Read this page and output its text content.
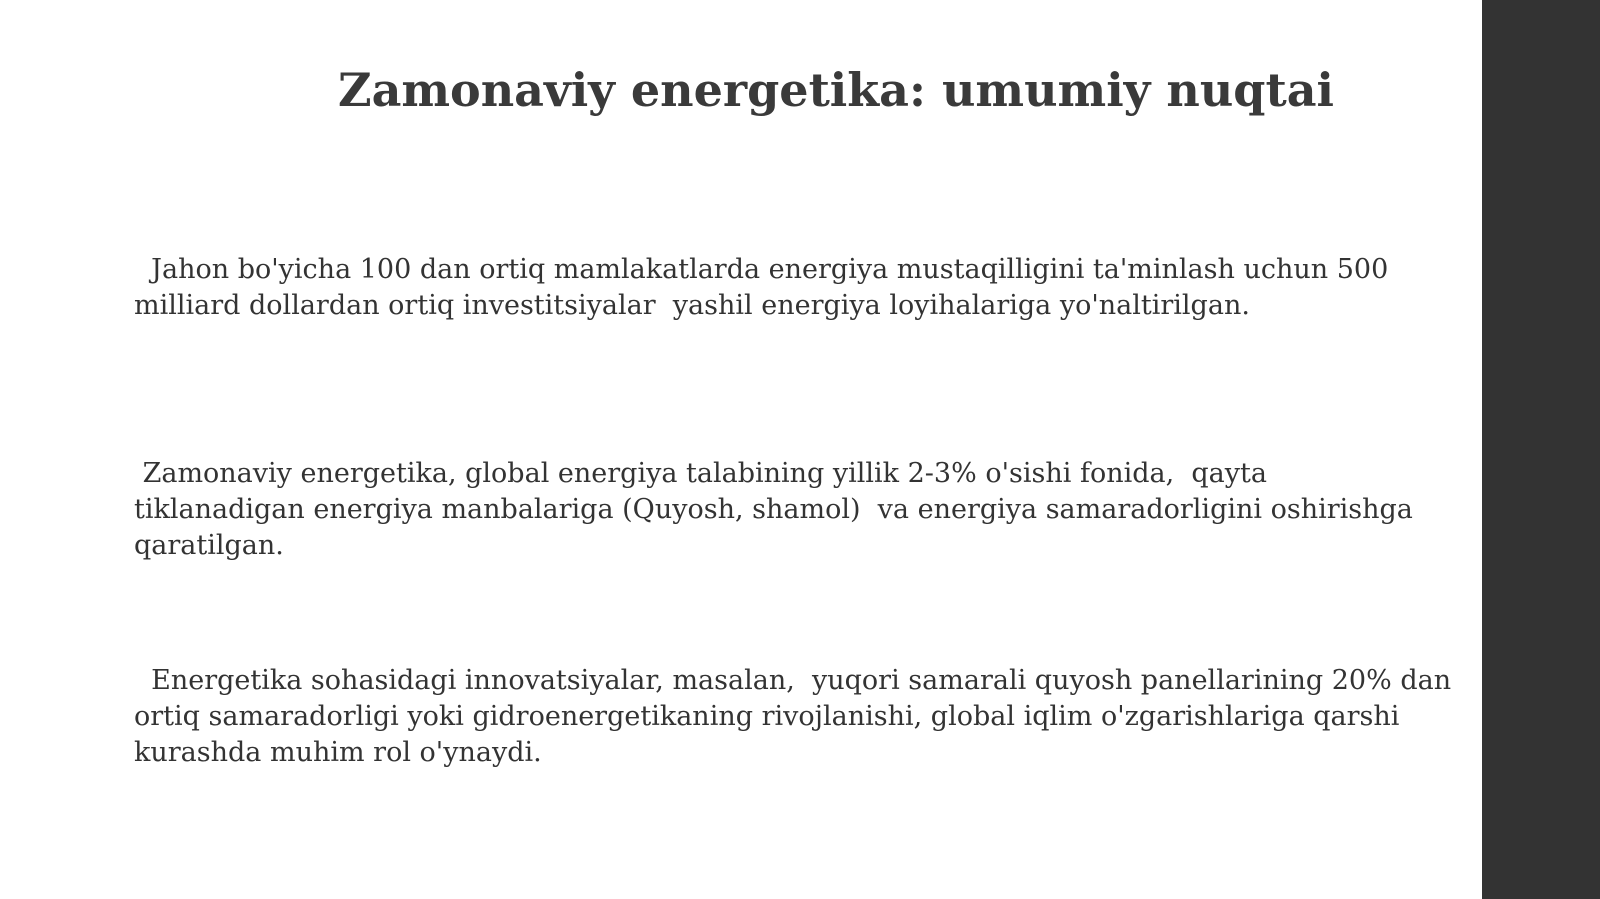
Zamonaviy energetika: umumiy nuqtai
Jahon bo'yicha 100 dan ortiq mamlakatlarda energiya mustaqilligini ta'minlash uchun 500
milliard dollardan ortiq investitsiyalar  yashil energiya loyihalariga yo'naltirilgan.
Zamonaviy energetika, global energiya talabining yillik 2-3% o'sishi fonida,  qayta
tiklanadigan energiya manbalariga (Quyosh, shamol)  va energiya samaradorligini oshirishga
qaratilgan.
Energetika sohasidagi innovatsiyalar, masalan,  yuqori samarali quyosh panellarining 20% dan
ortiq samaradorligi yoki gidroenergetikaning rivojlanishi, global iqlim o'zgarishlariga qarshi
kurashda muhim rol o'ynaydi.
